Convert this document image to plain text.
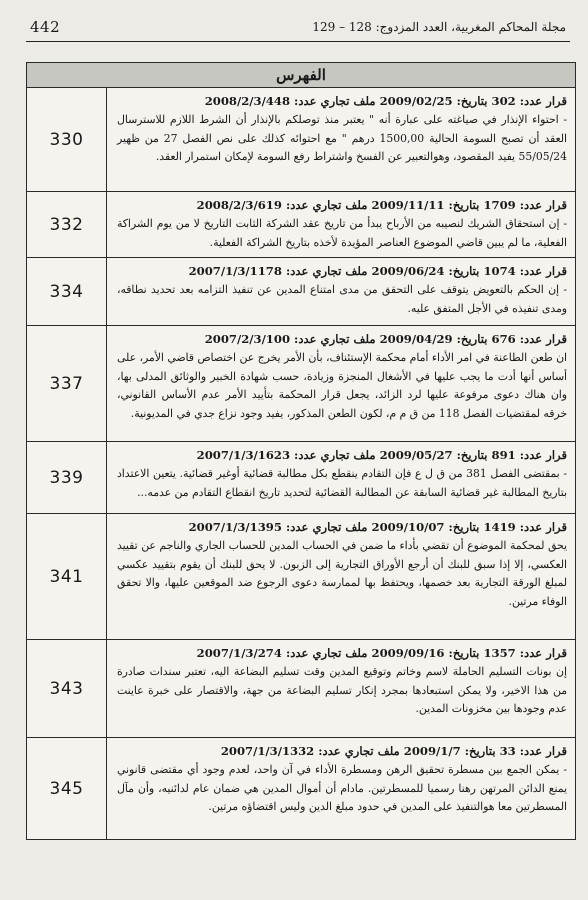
442	مجلة المحاكم المغربية، العدد المزدوج: 128 – 129
الفهرس
قرار عدد: 302 بتاريخ: 2009/02/25 ملف تجاري عدد: 2008/2/3/448
- احتواء الإنذار في صياغته على عبارة أنه " يعتبر منذ توصلكم بالإنذار أن الشرط اللازم للاسترسال العقد أن تصبح السومة الحالية 1500,00 درهم " مع احتوائه كذلك على نص الفصل 27 من ظهير 55/05/24 يفيد المقصود، وهوالتعبير عن الفسخ واشتراط رفع السومة لإمكان استمرار العقد.
330
قرار عدد: 1709 بتاريخ: 2009/11/11 ملف تجاري عدد: 2008/2/3/619
- إن استحقاق الشريك لنصيبه من الأرباح يبدأ من تاريخ عقد الشركة الثابت التاريخ لا من يوم الشراكة الفعلية، ما لم يبين قاضي الموضوع العناصر المؤيدة لأخذه بتاريخ الشراكة الفعلية.
332
قرار عدد: 1074 بتاريخ: 2009/06/24 ملف تجاري عدد: 2007/1/3/1178
- إن الحكم بالتعويض يتوقف على التحقق من مدى امتناع المدين عن تنفيذ التزامه بعد تحديد نطاقه، ومدى تنفيذه في الأجل المتفق عليه.
334
قرار عدد: 676 بتاريخ: 2009/04/29 ملف تجاري عدد: 2007/2/3/100
ان طعن الطاعنة في امر الأداء أمام محكمة الإستئناف، بأن الأمر يخرج عن اختصاص قاضي الأمر، على أساس أنها أدت ما يجب عليها في الأشغال المنجزة وزيادة، حسب شهادة الخبير والوثائق المدلى بها، وان هناك دعوى مرفوعة عليها لرد الزائد، يجعل قرار المحكمة بتأييد الأمر عدم الأساس القانوني، خرقه لمقتضيات الفصل 118 من ق م م، لكون الطعن المذكور، يفيد وجود نزاع جدي في المديونية.
337
قرار عدد: 891 بتاريخ: 2009/05/27 ملف تجاري عدد: 2007/1/3/1623
- بمقتضى الفصل 381 من ق ل ع فإن التقادم ينقطع بكل مطالبة قضائية أوغير قضائية. يتعين الاعتداد بتاريخ المطالبة غير قضائية السابقة عن المطالبة القضائية لتحديد تاريخ انقطاع التقادم من عدمه...
339
قرار عدد: 1419 بتاريخ: 2009/10/07 ملف تجاري عدد: 2007/1/3/1395
يحق لمحكمة الموضوع أن تقضي بأداء ما ضمن في الحساب المدين للحساب الجاري والناجم عن تقييد العكسي، إلا إذا سبق للبنك أن أرجع الأوراق التجارية إلى الزبون. لا يحق للبنك أن يقوم بتقييد عكسي لمبلغ الورقة التجارية بعد خصمها، ويحتفظ بها لممارسة دعوى الرجوع ضد الموقعين عليها، والا تحقق الوفاء مرتين.
341
قرار عدد: 1357 بتاريخ: 2009/09/16 ملف تجاري عدد: 2007/1/3/274
إن بونات التسليم الحاملة لاسم وخاتم وتوقيع المدين وقت تسليم البضاعة اليه، تعتبر سندات صادرة من هذا الاخير، ولا يمكن استبعادها بمجرد إنكار تسليم البضاعة من جهة، والاقتصار على خبرة عاينت عدم وجودها بين مخزونات المدين.
343
قرار عدد: 33 بتاريخ: 2009/1/7 ملف تجاري عدد: 2007/1/3/1332
- يمكن الجمع بين مسطرة تحقيق الرهن ومسطرة الأداء في آن واحد، لعدم وجود أي مقتضى قانوني يمنع الدائن المرتهن رهنا رسميا للمسطرتين. مادام أن أموال المدين هي ضمان عام لدائنيه، وأن مآل المسطرتين معا هوالتنفيذ على المدين في حدود مبلغ الدين وليس اقتضاؤه مرتين.
345
